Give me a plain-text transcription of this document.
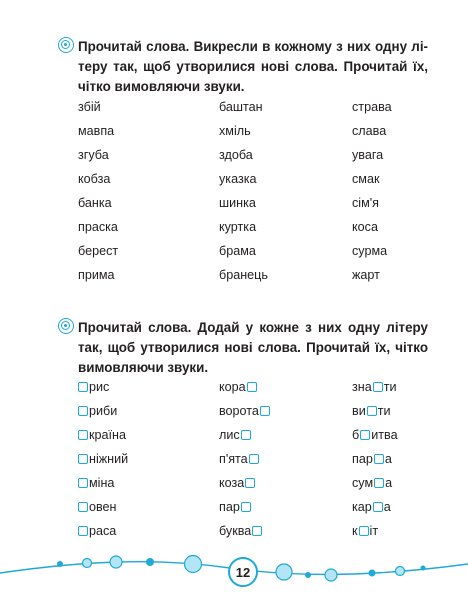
Прочитай слова. Викресли в кожному з них одну лі-теру так, щоб утворилися нові слова. Прочитай їх, чітко вимовляючи звуки.

збій
мавпа
згуба
кобза
банка
праска
берест
прима
баштан
хміль
здоба
указка
шинка
куртка
брама
бранець
страва
слава
увага
смак
сім'я
коса
сурма
жарт

Прочитай слова. Додай у кожне з них одну літеру так, щоб утворилися нові слова. Прочитай їх, чітко вимовляючи звуки.

рис
риби
країна
ніжний
міна
овен
раса
кора
ворота
лис
п'ята
коза
пар
буква
зна ти
ви ти
б итва
пар а
сум а
кар а
к іт
12
